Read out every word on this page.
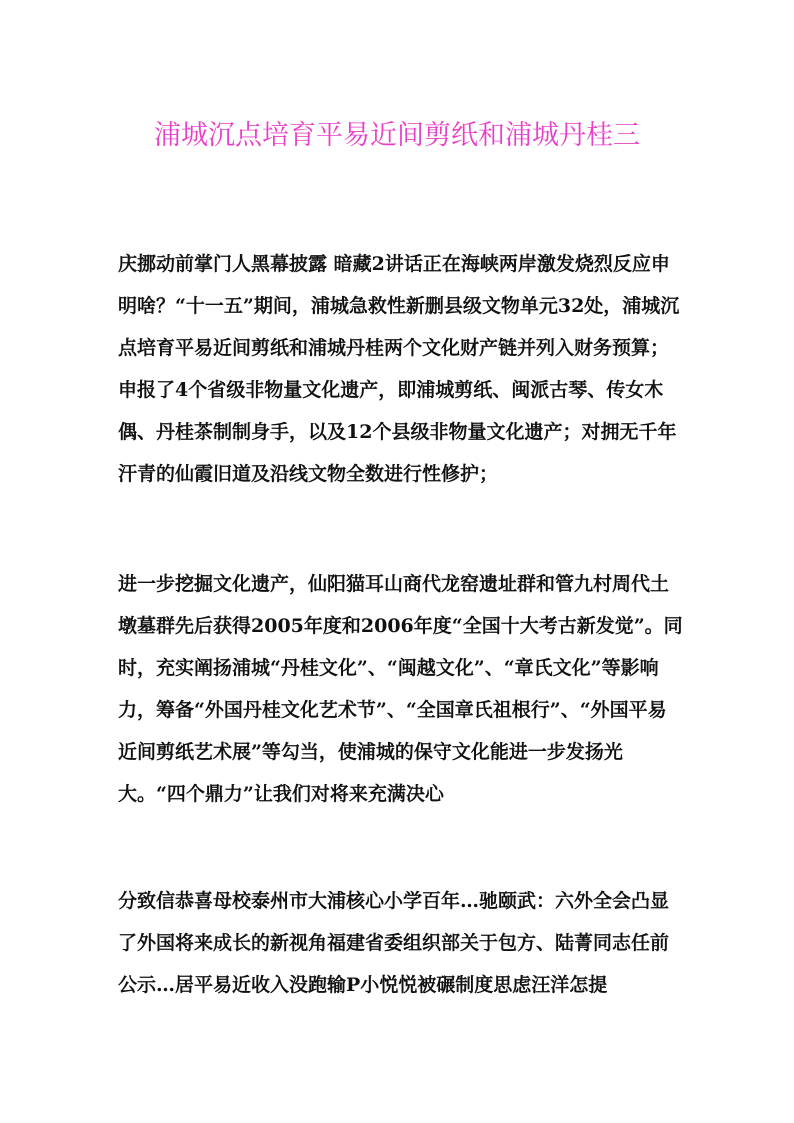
浦城沉点培育平易近间剪纸和浦城丹桂三

庆挪动前掌门人黑幕披露 暗藏2讲话正在海峡两岸激发烧烈反应申明啥？“十一五”期间，浦城急救性新删县级文物单元32处，浦城沉点培育平易近间剪纸和浦城丹桂两个文化财产链并列入财务预算；申报了4个省级非物量文化遗产，即浦城剪纸、闽派古琴、传女木偶、丹桂茶制制身手，以及12个县级非物量文化遗产；对拥无千年汗青的仙霞旧道及沿线文物全数进行性修护；

进一步挖掘文化遗产，仙阳猫耳山商代龙窑遗址群和管九村周代土墩墓群先后获得2005年度和2006年度“全国十大考古新发觉”。同时，充实阐扬浦城“丹桂文化”、“闽越文化”、“章氏文化”等影响力，筹备“外国丹桂文化艺术节”、“全国章氏祖根行”、“外国平易近间剪纸艺术展”等勾当，使浦城的保守文化能进一步发扬光大。“四个鼎力”让我们对将来充满决心

分致信恭喜母校泰州市大浦核心小学百年…驰颐武：六外全会凸显了外国将来成长的新视角福建省委组织部关于包方、陆菁同志任前公示…居平易近收入没跑输P小悦悦被碾制度思虑汪洋怎提
